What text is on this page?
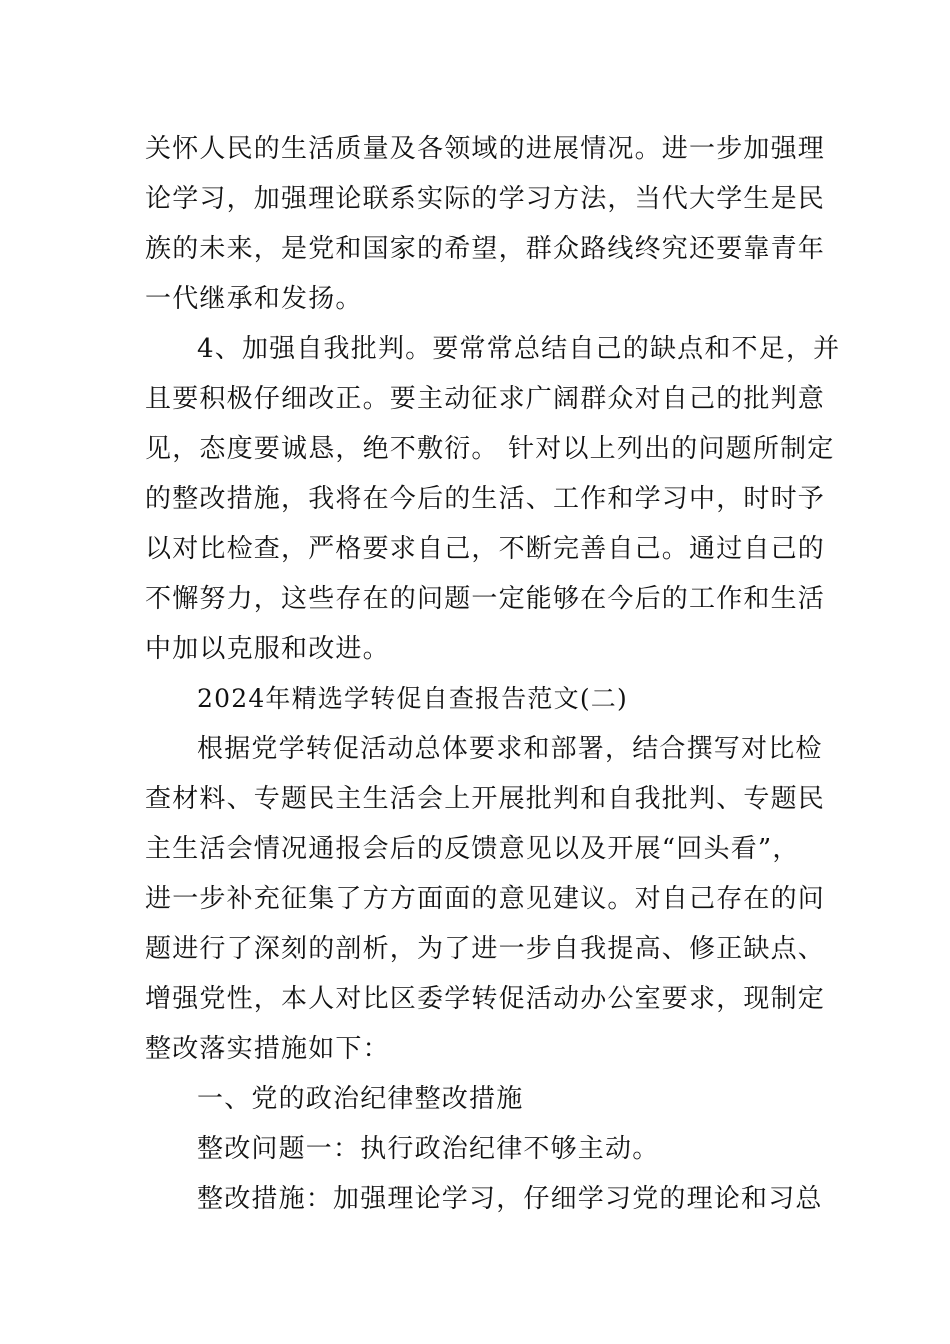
关怀人民的生活质量及各领域的进展情况。进一步加强理
论学习，加强理论联系实际的学习方法，当代大学生是民
族的未来，是党和国家的希望，群众路线终究还要靠青年
一代继承和发扬。
4、加强自我批判。要常常总结自己的缺点和不足，并
且要积极仔细改正。要主动征求广阔群众对自己的批判意
见，态度要诚恳，绝不敷衍。 针对以上列出的问题所制定
的整改措施，我将在今后的生活、工作和学习中，时时予
以对比检查，严格要求自己，不断完善自己。通过自己的
不懈努力，这些存在的问题一定能够在今后的工作和生活
中加以克服和改进。
2024年精选学转促自查报告范文(二)
根据党学转促活动总体要求和部署，结合撰写对比检
查材料、专题民主生活会上开展批判和自我批判、专题民
主生活会情况通报会后的反馈意见以及开展“回头看”，
进一步补充征集了方方面面的意见建议。对自己存在的问
题进行了深刻的剖析，为了进一步自我提高、修正缺点、
增强党性，本人对比区委学转促活动办公室要求，现制定
整改落实措施如下：
一、党的政治纪律整改措施
整改问题一：执行政治纪律不够主动。
整改措施：加强理论学习，仔细学习党的理论和习总
